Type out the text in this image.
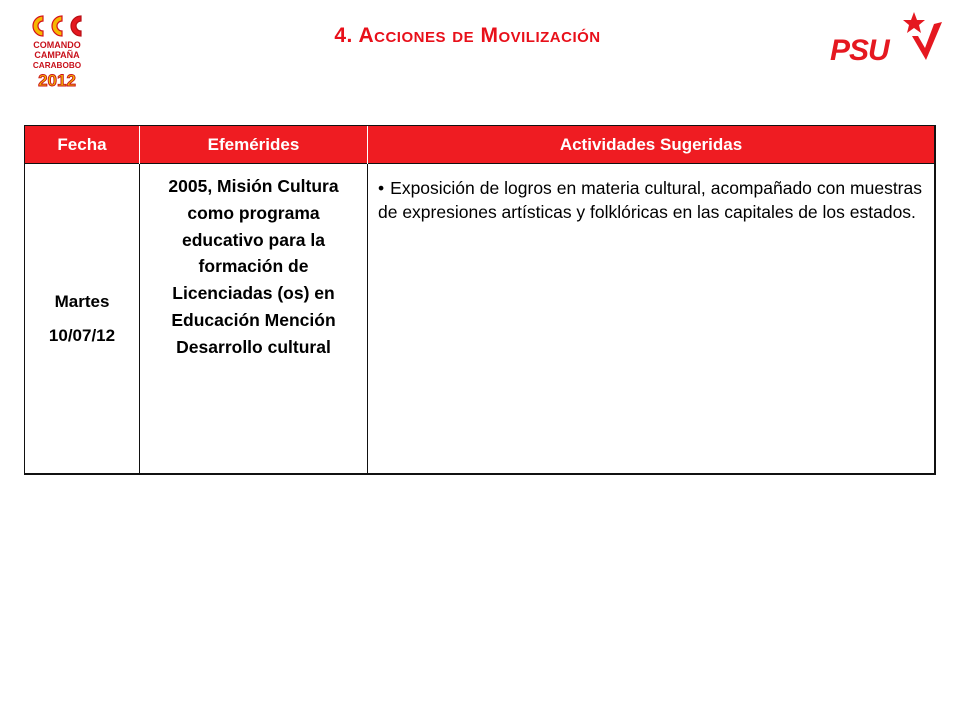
COMANDO
CAMPAÑA
CARABOBO
2012
4. Acciones de Movilización	PSU
Fecha	Efemérides	Actividades Sugeridas

Martes
10/07/12	2005, Misión Cultura como programa educativo para la formación de Licenciadas (os) en Educación Mención Desarrollo cultural	• Exposición de logros en materia cultural, acompañado con muestras de expresiones artísticas y folklóricas en las capitales de los estados.
